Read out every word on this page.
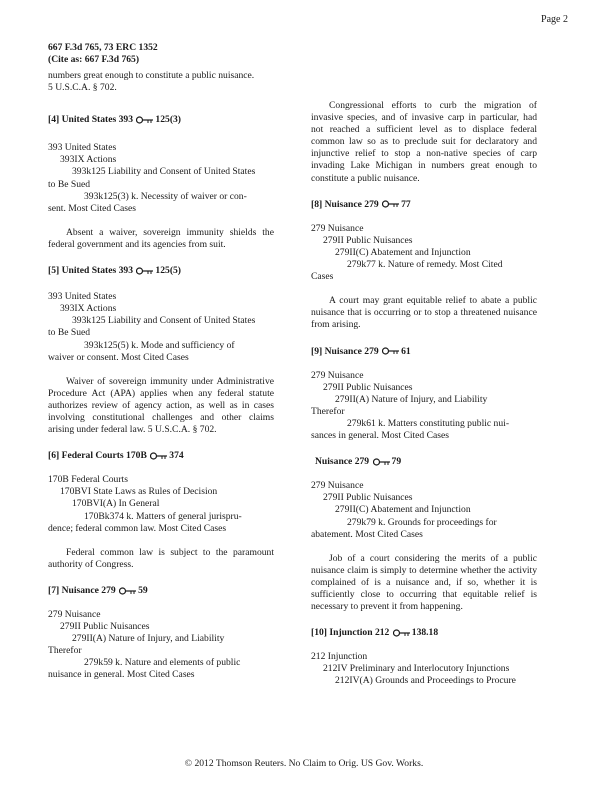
Page 2
667 F.3d 765, 73 ERC 1352
(Cite as: 667 F.3d 765)
numbers great enough to constitute a public nuisance.
5 U.S.C.A. § 702.
[4] United States 393 125(3)
393 United States
393IX Actions
393k125 Liability and Consent of United States
to Be Sued
393k125(3) k. Necessity of waiver or con-
sent. Most Cited Cases
Absent a waiver, sovereign immunity shields the federal government and its agencies from suit.
[5] United States 393 125(5)
393 United States
393IX Actions
393k125 Liability and Consent of United States
to Be Sued
393k125(5) k. Mode and sufficiency of
waiver or consent. Most Cited Cases
Waiver of sovereign immunity under Administrative Procedure Act (APA) applies when any federal statute authorizes review of agency action, as well as in cases involving constitutional challenges and other claims arising under federal law. 5 U.S.C.A. § 702.
[6] Federal Courts 170B 374
170B Federal Courts
170BVI State Laws as Rules of Decision
170BVI(A) In General
170Bk374 k. Matters of general jurispru-
dence; federal common law. Most Cited Cases
Federal common law is subject to the paramount authority of Congress.
[7] Nuisance 279 59
279 Nuisance
279II Public Nuisances
279II(A) Nature of Injury, and Liability
Therefor
279k59 k. Nature and elements of public
nuisance in general. Most Cited Cases
Congressional efforts to curb the migration of invasive species, and of invasive carp in particular, had not reached a sufficient level as to displace federal common law so as to preclude suit for declaratory and injunctive relief to stop a non-native species of carp invading Lake Michigan in numbers great enough to constitute a public nuisance.
[8] Nuisance 279 77
279 Nuisance
279II Public Nuisances
279II(C) Abatement and Injunction
279k77 k. Nature of remedy. Most Cited
Cases
A court may grant equitable relief to abate a public nuisance that is occurring or to stop a threatened nuisance from arising.
[9] Nuisance 279 61
279 Nuisance
279II Public Nuisances
279II(A) Nature of Injury, and Liability
Therefor
279k61 k. Matters constituting public nui-
sances in general. Most Cited Cases
Nuisance 279 79
279 Nuisance
279II Public Nuisances
279II(C) Abatement and Injunction
279k79 k. Grounds for proceedings for
abatement. Most Cited Cases
Job of a court considering the merits of a public nuisance claim is simply to determine whether the activity complained of is a nuisance and, if so, whether it is sufficiently close to occurring that equitable relief is necessary to prevent it from happening.
[10] Injunction 212 138.18
212 Injunction
212IV Preliminary and Interlocutory Injunctions
212IV(A) Grounds and Proceedings to Procure
© 2012 Thomson Reuters. No Claim to Orig. US Gov. Works.
